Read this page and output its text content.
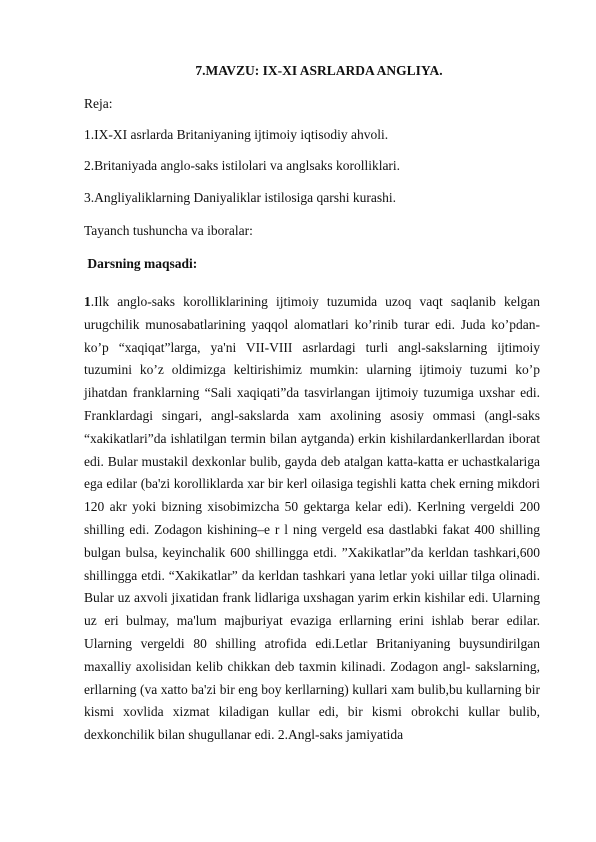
7.MAVZU: IX-XI ASRLARDA ANGLIYA.
Reja:
1.IX-XI asrlarda Britaniyaning ijtimoiy iqtisodiy ahvoli.
2.Britaniyada anglo-saks istilolari va anglsaks korolliklari.
3.Angliyaliklarning Daniyaliklar istilosiga qarshi kurashi.
Tayanch tushuncha va iboralar:
Darsning maqsadi:
1.Ilk anglo-saks korolliklarining ijtimoiy tuzumida uzoq vaqt saqlanib kelgan urugchilik munosabatlarining yaqqol alomatlari ko’rinib turar edi. Juda ko’pdan-ko’p “xaqiqat”larga, ya'ni VII-VIII asrlardagi turli angl-sakslarning ijtimoiy tuzumini ko’z oldimizga keltirishimiz mumkin: ularning ijtimoiy tuzumi ko’p jihatdan franklarning “Sali xaqiqati”da tasvirlangan ijtimoiy tuzumiga uxshar edi. Franklardagi singari, angl-sakslarda xam axolining asosiy ommasi (angl-saks “xakikatlari”da ishlatilgan termin bilan aytganda) erkin kishilardankerllardan iborat edi. Bular mustakil dexkonlar bulib, gayda deb atalgan katta-katta er uchastkalariga ega edilar (ba'zi korolliklarda xar bir kerl oilasiga tegishli katta chek erning mikdori 120 akr yoki bizning xisobimizcha 50 gektarga kelar edi). Kerlning vergeldi 200 shilling edi. Zodagon kishining–e r l ning vergeld esa dastlabki fakat 400 shilling bulgan bulsa, keyinchalik 600 shillingga etdi. ”Xakikatlar”da kerldan tashkari,600 shillingga etdi. “Xakikatlar” da kerldan tashkari yana letlar yoki uillar tilga olinadi. Bular uz axvoli jixatidan frank lidlariga uxshagan yarim erkin kishilar edi. Ularning uz eri bulmay, ma'lum majburiyat evaziga erllarning erini ishlab berar edilar. Ularning vergeldi 80 shilling atrofida edi.Letlar Britaniyaning buysundirilgan maxalliy axolisidan kelib chikkan deb taxmin kilinadi. Zodagon angl- sakslarning, erllarning (va xatto ba'zi bir eng boy kerllarning) kullari xam bulib,bu kullarning bir kismi xovlida xizmat kiladigan kullar edi, bir kismi obrokchi kullar bulib, dexkonchilik bilan shugullanar edi. 2.Angl-saks jamiyatida
